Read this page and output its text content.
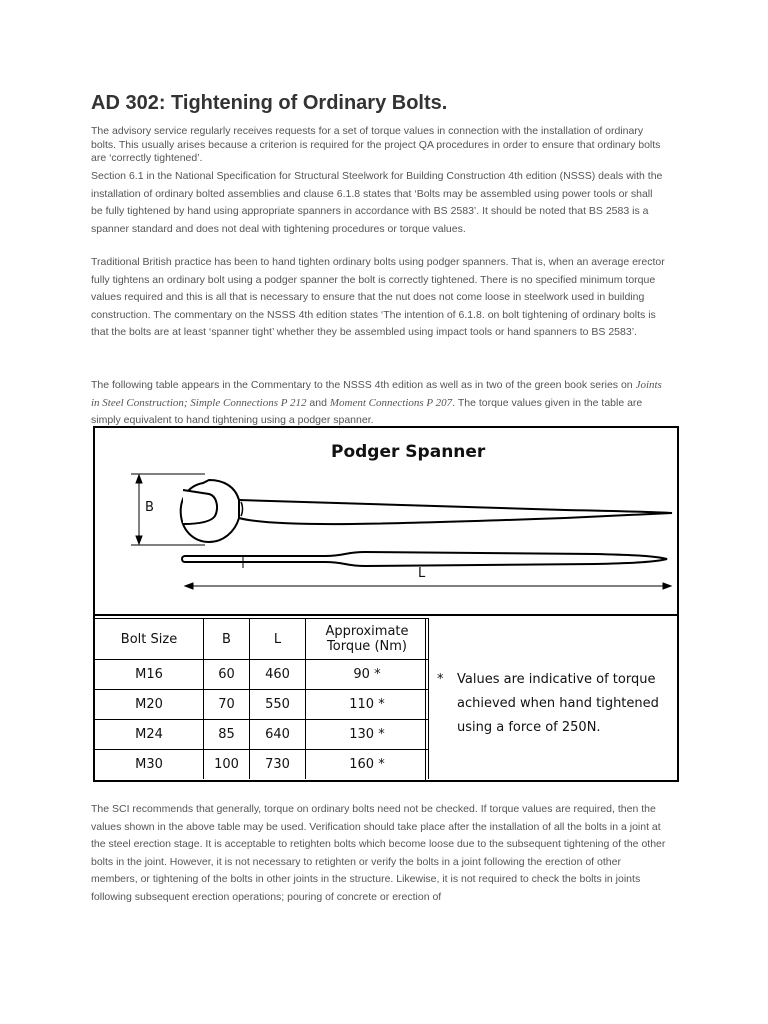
AD 302: Tightening of Ordinary Bolts.
The advisory service regularly receives requests for a set of torque values in connection with the installation of ordinary bolts. This usually arises because a criterion is required for the project QA procedures in order to ensure that ordinary bolts are ‘correctly tightened’.
Section 6.1 in the National Specification for Structural Steelwork for Building Construction 4th edition (NSSS) deals with the installation of ordinary bolted assemblies and clause 6.1.8 states that ‘Bolts may be assembled using power tools or shall be fully tightened by hand using appropriate spanners in accordance with BS 2583’. It should be noted that BS 2583 is a spanner standard and does not deal with tightening procedures or torque values.
Traditional British practice has been to hand tighten ordinary bolts using podger spanners. That is, when an average erector fully tightens an ordinary bolt using a podger spanner the bolt is correctly tightened. There is no specified minimum torque values required and this is all that is necessary to ensure that the nut does not come loose in steelwork used in building construction. The commentary on the NSSS 4th edition states ‘The intention of 6.1.8. on bolt tightening of ordinary bolts is that the bolts are at least ‘spanner tight’ whether they be assembled using impact tools or hand spanners to BS 2583’.
The following table appears in the Commentary to the NSSS 4th edition as well as in two of the green book series on Joints in Steel Construction; Simple Connections P 212 and Moment Connections P 207. The torque values given in the table are simply equivalent to hand tightening using a podger spanner.
The SCI recommends that generally, torque on ordinary bolts need not be checked. If torque values are required, then the values shown in the above table may be used. Verification should take place after the installation of all the bolts in a joint at the steel erection stage. It is acceptable to retighten bolts which become loose due to the subsequent tightening of the other bolts in the joint. However, it is not necessary to retighten or verify the bolts in a joint following the erection of other members, or tightening of the bolts in other joints in the structure. Likewise, it is not required to check the bolts in joints following subsequent erection operations; pouring of concrete or erection of
Podger Spanner
B
L
Bolt Size	B	L	Approximate Torque (Nm)
M16	60	460	90 *
M20	70	550	110 *
M24	85	640	130 *
M30	100	730	160 *
* Values are indicative of torque achieved when hand tightened using a force of 250N.
